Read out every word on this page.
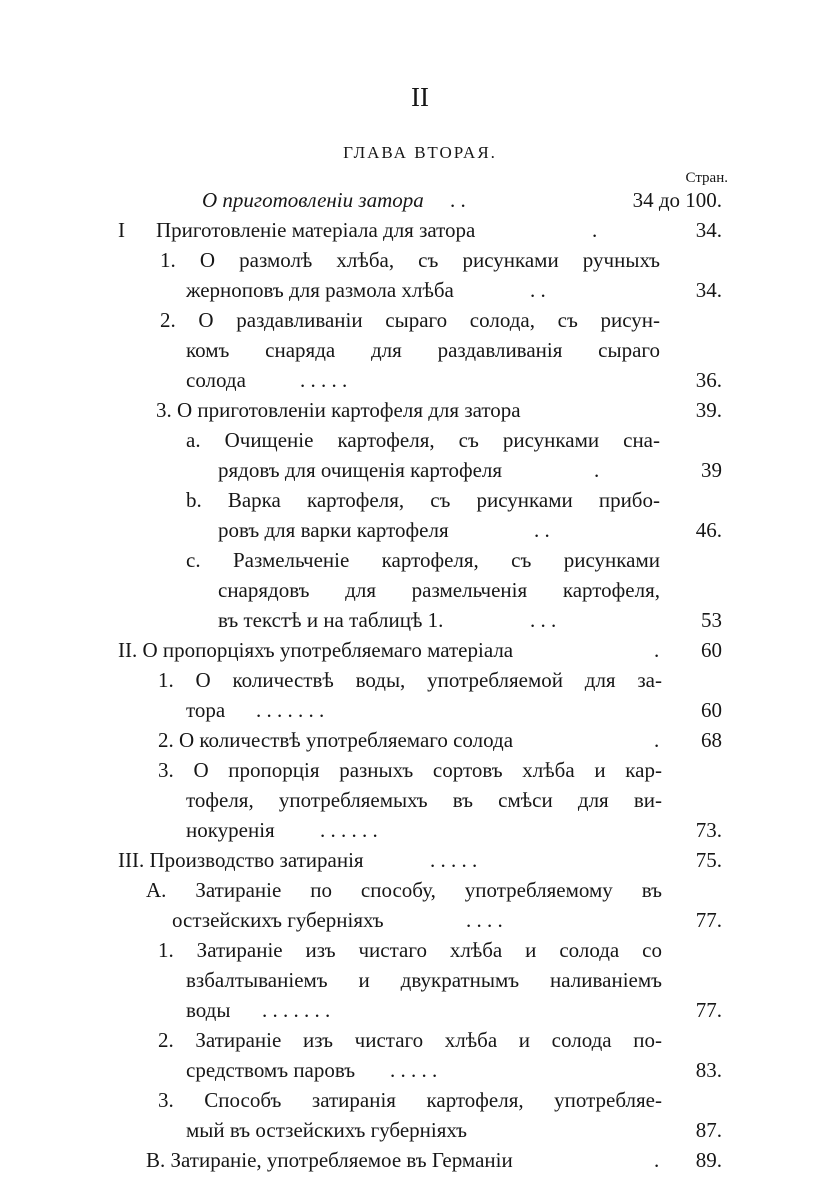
II
ГЛАВА ВТОРАЯ.
Стран.
О приготовленіи затора . .	34 до 100.
I Приготовленіе матеріала для затора	.	34.
1. О размолѣ хлѣба, съ рисунками ручныхъ
жерноповъ для размола хлѣба	. .	34.
2. О раздавливаніи сыраго солода, съ рисун-
комъ снаряда для раздавливанія сыраго
солода	. . . . .	36.
3. О приготовленіи картофеля для затора	39.
а. Очищеніе картофеля, съ рисунками сна-
рядовъ для очищенія картофеля	.	39
b. Варка картофеля, съ рисунками прибо-
ровъ для варки картофеля	. .	46.
c. Размельченіе картофеля, съ рисунками
снарядовъ для размельченія картофеля,
въ текстѣ и на таблицѣ 1.	. . .	53
II. О пропорціяхъ употребляемаго матеріала	.	60
1. О количествѣ воды, употребляемой для за-
тора . . . . . . .	60
2. О количествѣ употребляемаго солода	.	68
3. О пропорція разныхъ сортовъ хлѣба и кар-
тофеля, употребляемыхъ въ смѣси для ви-
нокуренія . . . . . .	73.
III. Производство затиранія	. . . . .	75.
A. Затираніе по способу, употребляемому въ
остзейскихъ губерніяхъ	. . . .	77.
1. Затираніе изъ чистаго хлѣба и солода со
взбалтываніемъ и двукратнымъ наливаніемъ
воды . . . . . . .	77.
2. Затираніе изъ чистаго хлѣба и солода по-
средствомъ паровъ . . . . .	83.
3. Способъ затиранія картофеля, употребляе-
мый въ остзейскихъ губерніяхъ	87.
B. Затираніе, употребляемое въ Германіи	.	89.
